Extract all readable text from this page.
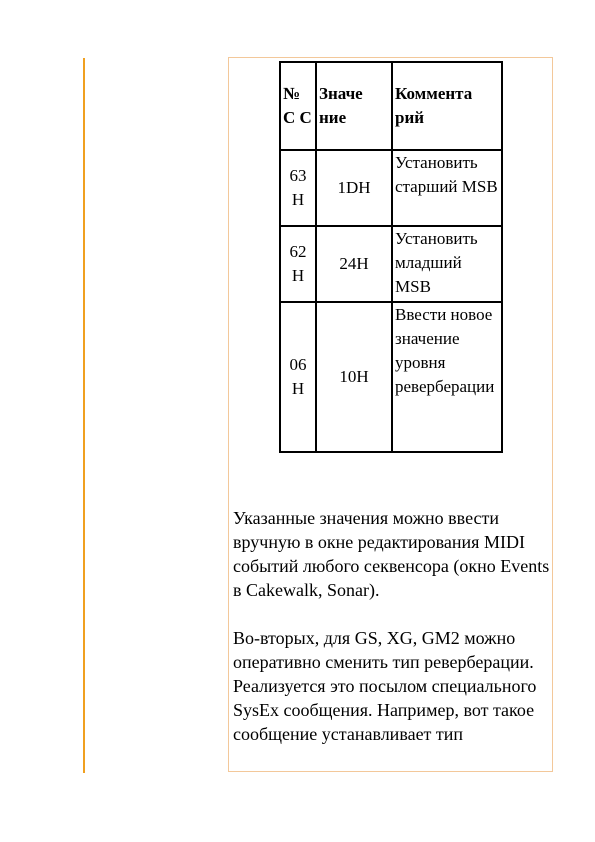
№ С С	Значе ние	Коммента рий
63 H	1DH	Установить старший MSB
62 H	24H	Установить младший MSB
06 H	10H	Ввести новое значение уровня реверберации

Указанные значения можно ввести вручную в окне редактирования MIDI событий любого секвенсора (окно Events в Cakewalk, Sonar).

Во-вторых, для GS, XG, GM2 можно оперативно сменить тип реверберации. Реализуется это посылом специального SysEx сообщения. Например, вот такое сообщение устанавливает тип
